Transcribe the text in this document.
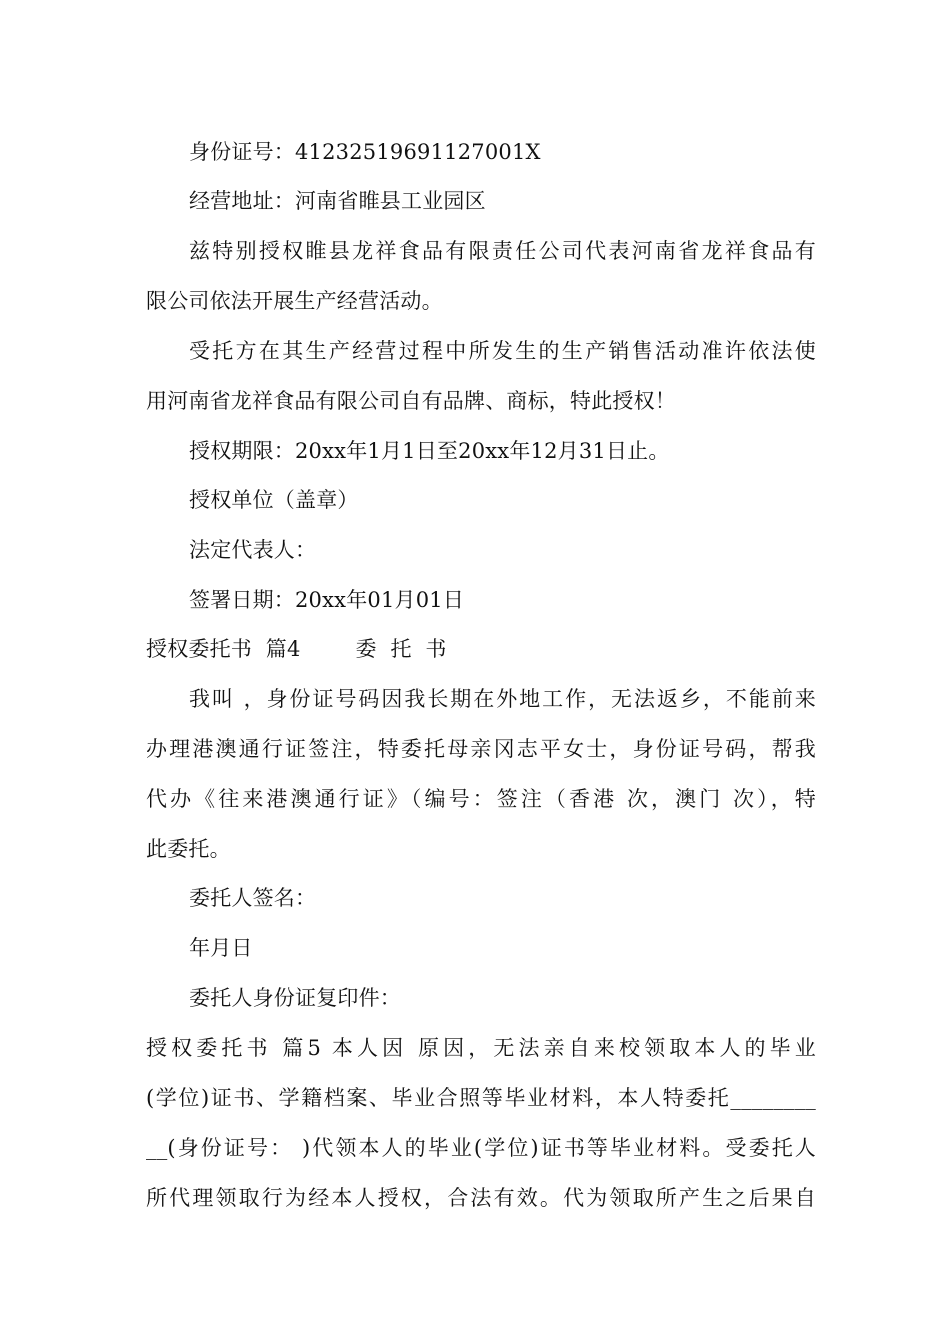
身份证号：41232519691127001X
经营地址：河南省睢县工业园区
兹特别授权睢县龙祥食品有限责任公司代表河南省龙祥食品有
限公司依法开展生产经营活动。
受托方在其生产经营过程中所发生的生产销售活动准许依法使
用河南省龙祥食品有限公司自有品牌、商标，特此授权！
授权期限：20xx年1月1日至20xx年12月31日止。
授权单位（盖章）
法定代表人：
签署日期：20xx年01月01日
授权委托书  篇4        委  托  书
我叫 ，身份证号码因我长期在外地工作，无法返乡，不能前来
办理港澳通行证签注，特委托母亲冈志平女士，身份证号码，帮我
代办《往来港澳通行证》（编号：签注（香港 次，澳门 次），特
此委托。
委托人签名：
年月日
委托人身份证复印件：
授权委托书 篇5 本人因 原因，无法亲自来校领取本人的毕业
(学位)证书、学籍档案、毕业合照等毕业材料，本人特委托________
__(身份证号： )代领本人的毕业(学位)证书等毕业材料。受委托人
所代理领取行为经本人授权，合法有效。代为领取所产生之后果自
